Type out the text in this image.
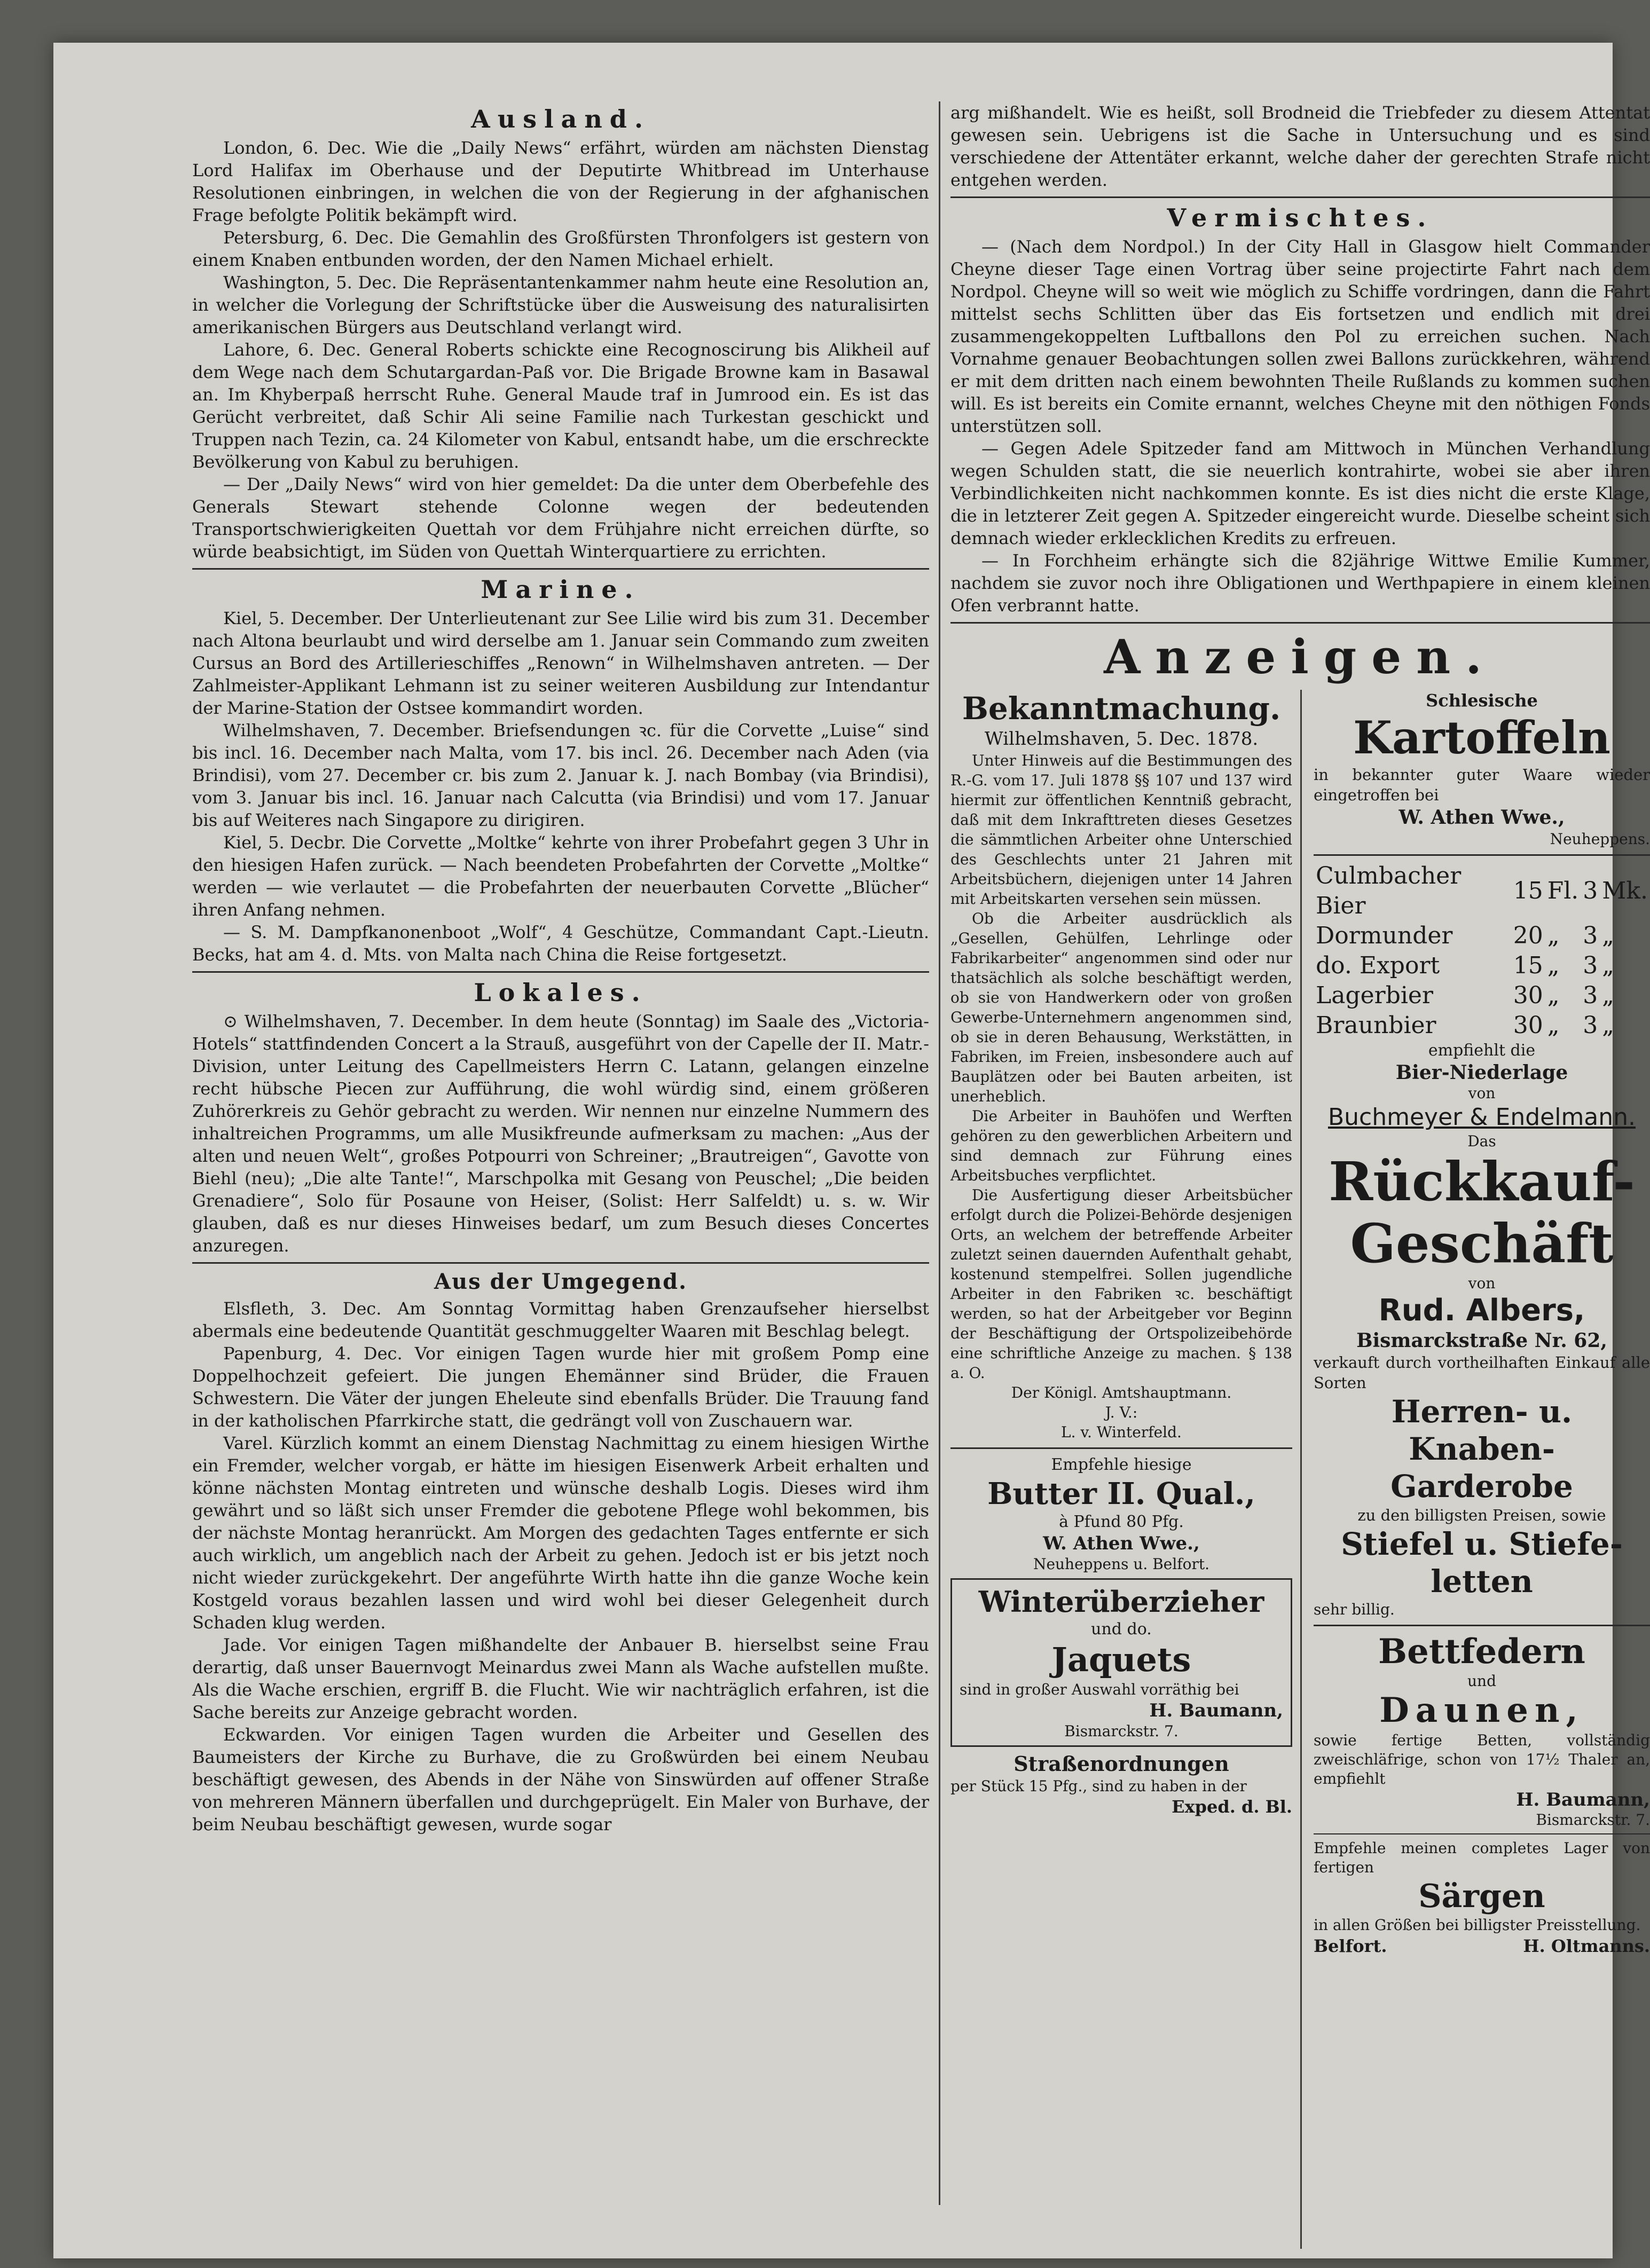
Ausland.

London, 6. Dec. Wie die „Daily News“ erfährt, würden am nächsten Dienstag Lord Halifax im Oberhause und der Deputirte Whitbread im Unterhause Resolutionen einbringen, in welchen die von der Regierung in der afghanischen Frage befolgte Politik bekämpft wird.

Petersburg, 6. Dec. Die Gemahlin des Großfürsten Thronfolgers ist gestern von einem Knaben entbunden worden, der den Namen Michael erhielt.

Washington, 5. Dec. Die Repräsentantenkammer nahm heute eine Resolution an, in welcher die Vorlegung der Schriftstücke über die Ausweisung des naturalisirten amerikanischen Bürgers aus Deutschland verlangt wird.

Lahore, 6. Dec. General Roberts schickte eine Recognoscirung bis Alikheil auf dem Wege nach dem Schutargardan-Paß vor. Die Brigade Browne kam in Basawal an. Im Khyberpaß herrscht Ruhe. General Maude traf in Jumrood ein. Es ist das Gerücht verbreitet, daß Schir Ali seine Familie nach Turkestan geschickt und Truppen nach Tezin, ca. 24 Kilometer von Kabul, entsandt habe, um die erschreckte Bevölkerung von Kabul zu beruhigen.

— Der „Daily News“ wird von hier gemeldet: Da die unter dem Oberbefehle des Generals Stewart stehende Colonne wegen der bedeutenden Transportschwierigkeiten Quettah vor dem Frühjahre nicht erreichen dürfte, so würde beabsichtigt, im Süden von Quettah Winterquartiere zu errichten.

Marine.

Kiel, 5. December. Der Unterlieutenant zur See Lilie wird bis zum 31. December nach Altona beurlaubt und wird derselbe am 1. Januar sein Commando zum zweiten Cursus an Bord des Artillerieschiffes „Renown“ in Wilhelmshaven antreten. — Der Zahlmeister-Applikant Lehmann ist zu seiner weiteren Ausbildung zur Intendantur der Marine-Station der Ostsee kommandirt worden.

Wilhelmshaven, 7. December. Briefsendungen ꝛc. für die Corvette „Luise“ sind bis incl. 16. December nach Malta, vom 17. bis incl. 26. December nach Aden (via Brindisi), vom 27. December cr. bis zum 2. Januar k. J. nach Bombay (via Brindisi), vom 3. Januar bis incl. 16. Januar nach Calcutta (via Brindisi) und vom 17. Januar bis auf Weiteres nach Singapore zu dirigiren.

Kiel, 5. Decbr. Die Corvette „Moltke“ kehrte von ihrer Probefahrt gegen 3 Uhr in den hiesigen Hafen zurück. — Nach beendeten Probefahrten der Corvette „Moltke“ werden — wie verlautet — die Probefahrten der neuerbauten Corvette „Blücher“ ihren Anfang nehmen.

— S. M. Dampfkanonenboot „Wolf“, 4 Geschütze, Commandant Capt.-Lieutn. Becks, hat am 4. d. Mts. von Malta nach China die Reise fortgesetzt.

Lokales.

⊙ Wilhelmshaven, 7. December. In dem heute (Sonntag) im Saale des „Victoria-Hotels“ stattfindenden Concert a la Strauß, ausgeführt von der Capelle der II. Matr.-Division, unter Leitung des Capellmeisters Herrn C. Latann, gelangen einzelne recht hübsche Piecen zur Aufführung, die wohl würdig sind, einem größeren Zuhörerkreis zu Gehör gebracht zu werden. Wir nennen nur einzelne Nummern des inhaltreichen Programms, um alle Musikfreunde aufmerksam zu machen: „Aus der alten und neuen Welt“, großes Potpourri von Schreiner; „Brautreigen“, Gavotte von Biehl (neu); „Die alte Tante!“, Marschpolka mit Gesang von Peuschel; „Die beiden Grenadiere“, Solo für Posaune von Heiser, (Solist: Herr Salfeldt) u. s. w. Wir glauben, daß es nur dieses Hinweises bedarf, um zum Besuch dieses Concertes anzuregen.

Aus der Umgegend.

Elsfleth, 3. Dec. Am Sonntag Vormittag haben Grenzaufseher hierselbst abermals eine bedeutende Quantität geschmuggelter Waaren mit Beschlag belegt.

Papenburg, 4. Dec. Vor einigen Tagen wurde hier mit großem Pomp eine Doppelhochzeit gefeiert. Die jungen Ehemänner sind Brüder, die Frauen Schwestern. Die Väter der jungen Eheleute sind ebenfalls Brüder. Die Trauung fand in der katholischen Pfarrkirche statt, die gedrängt voll von Zuschauern war.

Varel. Kürzlich kommt an einem Dienstag Nachmittag zu einem hiesigen Wirthe ein Fremder, welcher vorgab, er hätte im hiesigen Eisenwerk Arbeit erhalten und könne nächsten Montag eintreten und wünsche deshalb Logis. Dieses wird ihm gewährt und so läßt sich unser Fremder die gebotene Pflege wohl bekommen, bis der nächste Montag heranrückt. Am Morgen des gedachten Tages entfernte er sich auch wirklich, um angeblich nach der Arbeit zu gehen. Jedoch ist er bis jetzt noch nicht wieder zurückgekehrt. Der angeführte Wirth hatte ihn die ganze Woche kein Kostgeld voraus bezahlen lassen und wird wohl bei dieser Gelegenheit durch Schaden klug werden.

Jade. Vor einigen Tagen mißhandelte der Anbauer B. hierselbst seine Frau derartig, daß unser Bauernvogt Meinardus zwei Mann als Wache aufstellen mußte. Als die Wache erschien, ergriff B. die Flucht. Wie wir nachträglich erfahren, ist die Sache bereits zur Anzeige gebracht worden.

Eckwarden. Vor einigen Tagen wurden die Arbeiter und Gesellen des Baumeisters der Kirche zu Burhave, die zu Großwürden bei einem Neubau beschäftigt gewesen, des Abends in der Nähe von Sinswürden auf offener Straße von mehreren Männern überfallen und durchgeprügelt. Ein Maler von Burhave, der beim Neubau beschäftigt gewesen, wurde sogar

arg mißhandelt. Wie es heißt, soll Brodneid die Triebfeder zu diesem Attentat gewesen sein. Uebrigens ist die Sache in Untersuchung und es sind verschiedene der Attentäter erkannt, welche daher der gerechten Strafe nicht entgehen werden.

Vermischtes.

— (Nach dem Nordpol.) In der City Hall in Glasgow hielt Commander Cheyne dieser Tage einen Vortrag über seine projectirte Fahrt nach dem Nordpol. Cheyne will so weit wie möglich zu Schiffe vordringen, dann die Fahrt mittelst sechs Schlitten über das Eis fortsetzen und endlich mit drei zusammengekoppelten Luftballons den Pol zu erreichen suchen. Nach Vornahme genauer Beobachtungen sollen zwei Ballons zurückkehren, während er mit dem dritten nach einem bewohnten Theile Rußlands zu kommen suchen will. Es ist bereits ein Comite ernannt, welches Cheyne mit den nöthigen Fonds unterstützen soll.

— Gegen Adele Spitzeder fand am Mittwoch in München Verhandlung wegen Schulden statt, die sie neuerlich kontrahirte, wobei sie aber ihren Verbindlichkeiten nicht nachkommen konnte. Es ist dies nicht die erste Klage, die in letzterer Zeit gegen A. Spitzeder eingereicht wurde. Dieselbe scheint sich demnach wieder erklecklichen Kredits zu erfreuen.

— In Forchheim erhängte sich die 82jährige Wittwe Emilie Kummer, nachdem sie zuvor noch ihre Obligationen und Werthpapiere in einem kleinen Ofen verbrannt hatte.

Anzeigen.
Bekanntmachung.
Wilhelmshaven, 5. Dec. 1878.

Unter Hinweis auf die Bestimmungen des R.-G. vom 17. Juli 1878 §§ 107 und 137 wird hiermit zur öffentlichen Kenntniß gebracht, daß mit dem Inkrafttreten dieses Gesetzes die sämmtlichen Arbeiter ohne Unterschied des Geschlechts unter 21 Jahren mit Arbeitsbüchern, diejenigen unter 14 Jahren mit Arbeitskarten versehen sein müssen.

Ob die Arbeiter ausdrücklich als „Gesellen, Gehülfen, Lehrlinge oder Fabrikarbeiter“ angenommen sind oder nur thatsächlich als solche beschäftigt werden, ob sie von Handwerkern oder von großen Gewerbe-Unternehmern angenommen sind, ob sie in deren Behausung, Werkstätten, in Fabriken, im Freien, insbesondere auch auf Bauplätzen oder bei Bauten arbeiten, ist unerheblich.

Die Arbeiter in Bauhöfen und Werften gehören zu den gewerblichen Arbeitern und sind demnach zur Führung eines Arbeitsbuches verpflichtet.

Die Ausfertigung dieser Arbeitsbücher erfolgt durch die Polizei-Behörde desjenigen Orts, an welchem der betreffende Arbeiter zuletzt seinen dauernden Aufenthalt gehabt, kostenund stempelfrei. Sollen jugendliche Arbeiter in den Fabriken ꝛc. beschäftigt werden, so hat der Arbeitgeber vor Beginn der Beschäftigung der Ortspolizeibehörde eine schriftliche Anzeige zu machen. § 138 a. O.

Der Königl. Amtshauptmann.
J. V.:
L. v. Winterfeld.
Empfehle hiesige
Butter II. Qual.,
à Pfund 80 Pfg.
W. Athen Wwe.,
Neuheppens u. Belfort.
Winterüberzieher
und do.
Jaquets

sind in großer Auswahl vorräthig bei

H. Baumann,
Bismarckstr. 7.
Straßenordnungen

per Stück 15 Pfg., sind zu haben in der

Exped. d. Bl.
Schlesische
Kartoffeln

in bekannter guter Waare wieder eingetroffen bei

W. Athen Wwe.,
Neuheppens.
Culmbacher Bier	15	Fl.	3	Mk.
Dormunder	20	„	3	„
do. Export	15	„	3	„
Lagerbier	30	„	3	„
Braunbier	30	„	3	„
empfiehlt die
Bier-Niederlage
von
Buchmeyer & Endelmann.
Das
Rückkauf-
Geschäft
von
Rud. Albers,
Bismarckstraße Nr. 62,

verkauft durch vortheilhaften Einkauf alle Sorten

Herren- u. Knaben-
Garderobe
zu den billigsten Preisen, sowie
Stiefel u. Stiefe-
letten
sehr billig.
Bettfedern
und
Daunen,

sowie fertige Betten, vollständig zweischläfrige, schon von 17½ Thaler an, empfiehlt

H. Baumann,
Bismarckstr. 7.

Empfehle meinen completes Lager von fertigen

Särgen

in allen Größen bei billigster Preisstellung.

Belfort.	H. Oltmanns.
